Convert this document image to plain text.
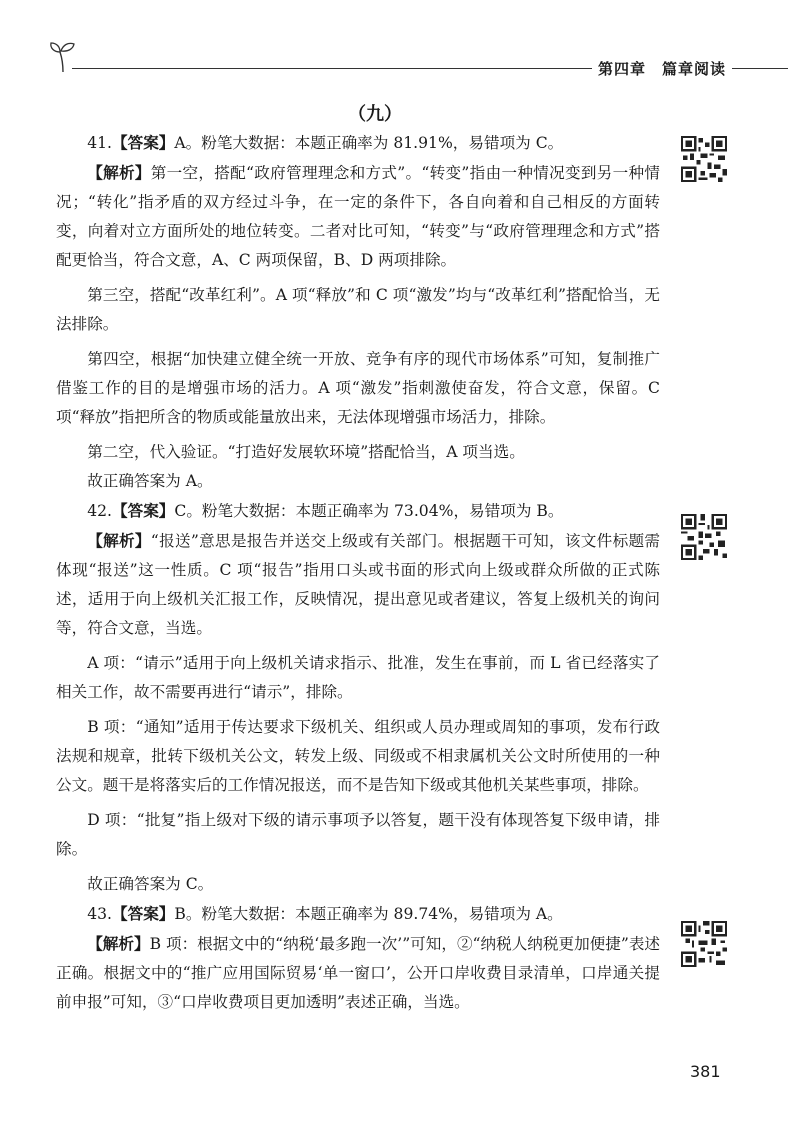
第四章　篇章阅读
（九）

41.【答案】A。粉笔大数据：本题正确率为 81.91%，易错项为 C。

【解析】第一空，搭配“政府管理理念和方式”。“转变”指由一种情况变到另一种情况；“转化”指矛盾的双方经过斗争，在一定的条件下，各自向着和自己相反的方面转变，向着对立方面所处的地位转变。二者对比可知，“转变”与“政府管理理念和方式”搭配更恰当，符合文意，A、C 两项保留，B、D 两项排除。

第三空，搭配“改革红利”。A 项“释放”和 C 项“激发”均与“改革红利”搭配恰当，无法排除。

第四空，根据“加快建立健全统一开放、竞争有序的现代市场体系”可知，复制推广借鉴工作的目的是增强市场的活力。A 项“激发”指刺激使奋发，符合文意，保留。C 项“释放”指把所含的物质或能量放出来，无法体现增强市场活力，排除。

第二空，代入验证。“打造好发展软环境”搭配恰当，A 项当选。

故正确答案为 A。

42.【答案】C。粉笔大数据：本题正确率为 73.04%，易错项为 B。

【解析】“报送”意思是报告并送交上级或有关部门。根据题干可知，该文件标题需体现“报送”这一性质。C 项“报告”指用口头或书面的形式向上级或群众所做的正式陈述，适用于向上级机关汇报工作，反映情况，提出意见或者建议，答复上级机关的询问等，符合文意，当选。

A 项：“请示”适用于向上级机关请求指示、批准，发生在事前，而 L 省已经落实了相关工作，故不需要再进行“请示”，排除。

B 项：“通知”适用于传达要求下级机关、组织或人员办理或周知的事项，发布行政法规和规章，批转下级机关公文，转发上级、同级或不相隶属机关公文时所使用的一种公文。题干是将落实后的工作情况报送，而不是告知下级或其他机关某些事项，排除。

D 项：“批复”指上级对下级的请示事项予以答复，题干没有体现答复下级申请，排除。

故正确答案为 C。

43.【答案】B。粉笔大数据：本题正确率为 89.74%，易错项为 A。

【解析】B 项：根据文中的“纳税‘最多跑一次’”可知，②“纳税人纳税更加便捷”表述正确。根据文中的“推广应用国际贸易‘单一窗口’，公开口岸收费目录清单，口岸通关提前申报”可知，③“口岸收费项目更加透明”表述正确，当选。

381
